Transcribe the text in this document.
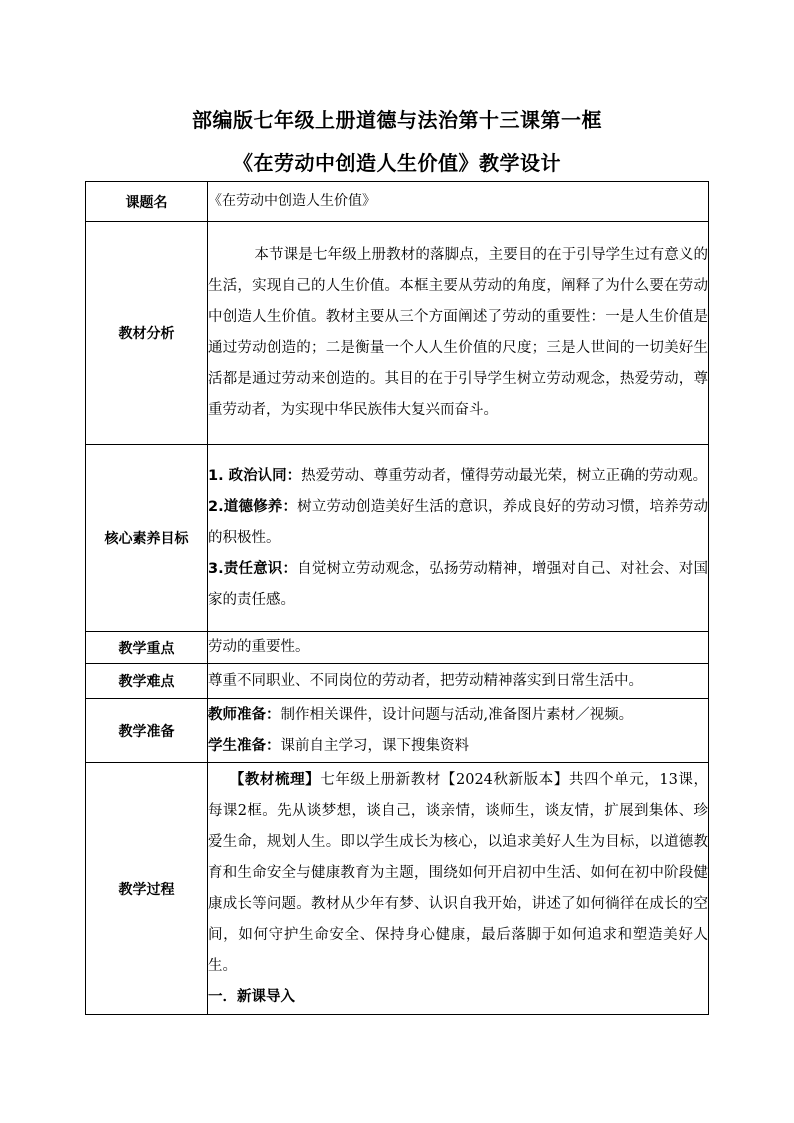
部编版七年级上册道德与法治第十三课第一框
《在劳动中创造人生价值》教学设计
课题名	《在劳动中创造人生价值》
教材分析	本节课是七年级上册教材的落脚点，主要目的在于引导学生过有意义的生活，实现自己的人生价值。本框主要从劳动的角度，阐释了为什么要在劳动中创造人生价值。教材主要从三个方面阐述了劳动的重要性：一是人生价值是通过劳动创造的；二是衡量一个人人生价值的尺度；三是人世间的一切美好生活都是通过劳动来创造的。其目的在于引导学生树立劳动观念，热爱劳动，尊重劳动者，为实现中华民族伟大复兴而奋斗。

核心素养目标	1. 政治认同：热爱劳动、尊重劳动者，懂得劳动最光荣，树立正确的劳动观。

2.道德修养：树立劳动创造美好生活的意识，养成良好的劳动习惯，培养劳动的积极性。

3.责任意识：自觉树立劳动观念，弘扬劳动精神，增强对自己、对社会、对国家的责任感。

教学重点	劳动的重要性。
教学难点	尊重不同职业、不同岗位的劳动者，把劳动精神落实到日常生活中。
教学准备	教师准备：制作相关课件，设计问题与活动,准备图片素材／视频。

学生准备：课前自主学习，课下搜集资料

教学过程	【教材梳理】七年级上册新教材【2024秋新版本】共四个单元，13课， 每课2框。先从谈梦想，谈自己，谈亲情，谈师生，谈友情，扩展到集体、珍爱生命，规划人生。即以学生成长为核心，以追求美好人生为目标，以道德教育和生命安全与健康教育为主题，围绕如何开启初中生活、如何在初中阶段健康成长等问题。教材从少年有梦、认识自我开始，讲述了如何徜徉在成长的空间，如何守护生命安全、保持身心健康，最后落脚于如何追求和塑造美好人生。

一．新课导入
